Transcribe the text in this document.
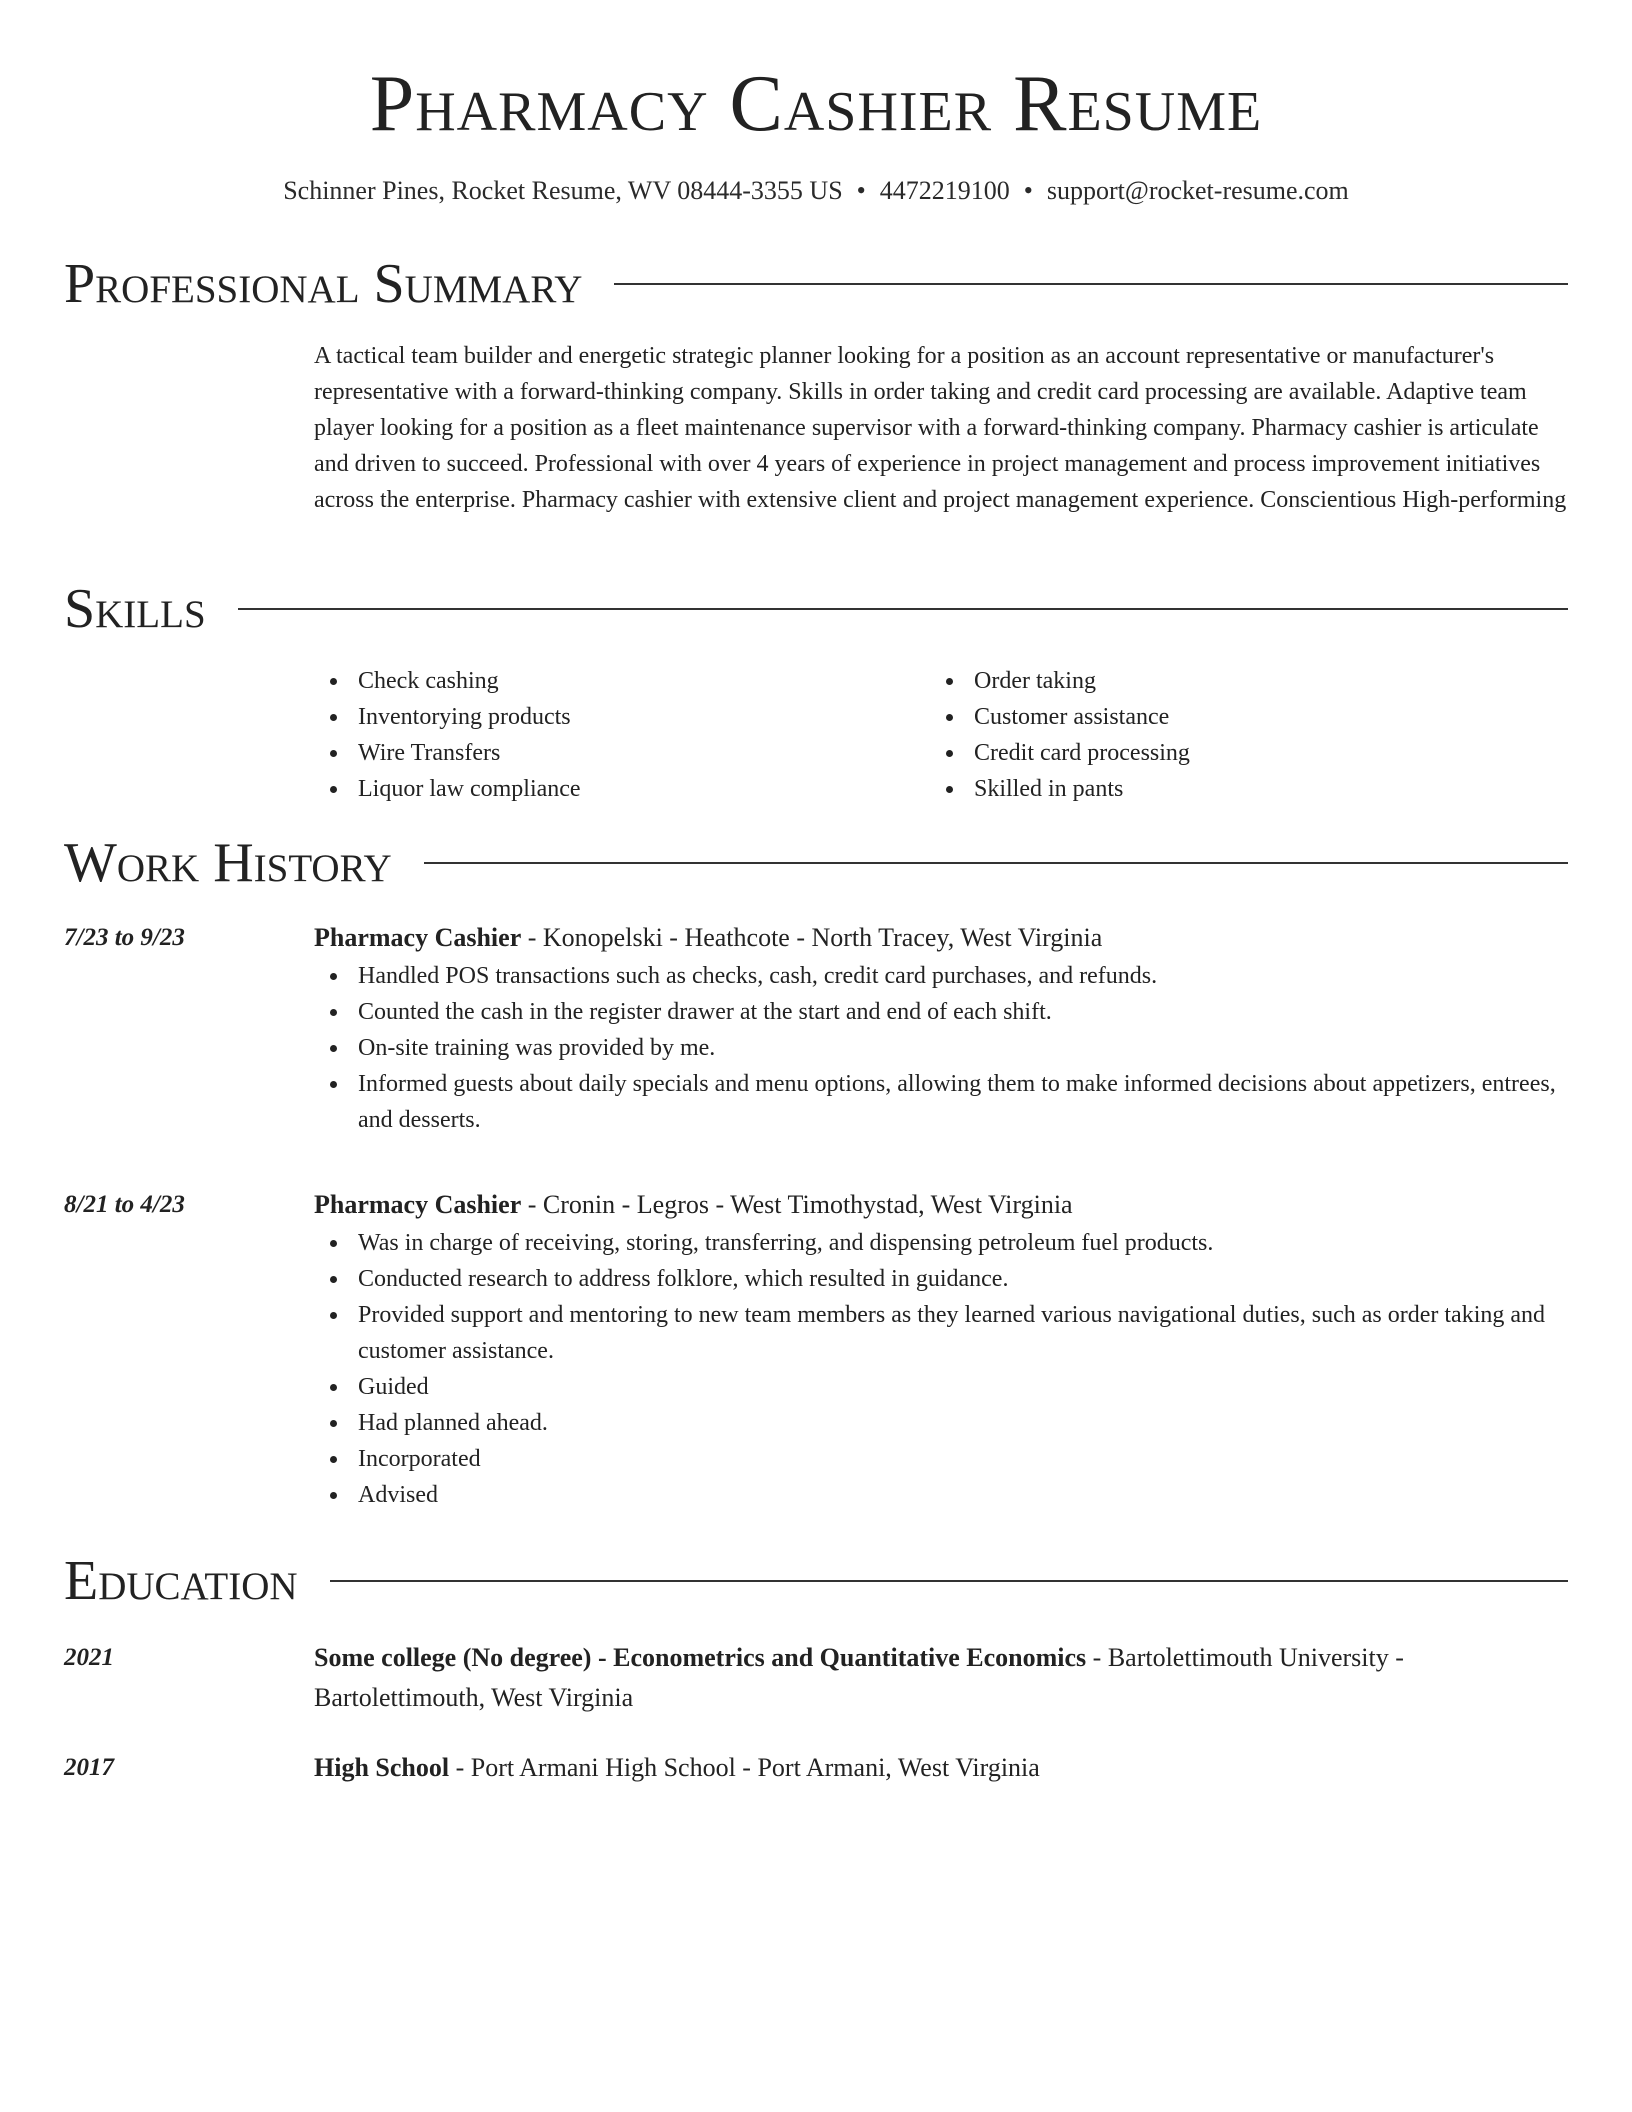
Pharmacy Cashier Resume
Schinner Pines, Rocket Resume, WV 08444-3355 US • 4472219100 • support@rocket-resume.com
Professional Summary
A tactical team builder and energetic strategic planner looking for a position as an account representative or manufacturer's representative with a forward-thinking company. Skills in order taking and credit card processing are available. Adaptive team player looking for a position as a fleet maintenance supervisor with a forward-thinking company. Pharmacy cashier is articulate and driven to succeed. Professional with over 4 years of experience in project management and process improvement initiatives across the enterprise. Pharmacy cashier with extensive client and project management experience. Conscientious High-performing
Skills
Check cashing
Inventorying products
Wire Transfers
Liquor law compliance
Order taking
Customer assistance
Credit card processing
Skilled in pants
Work History
7/23 to 9/23	Pharmacy Cashier - Konopelski - Heathcote - North Tracey, West Virginia
Handled POS transactions such as checks, cash, credit card purchases, and refunds.
Counted the cash in the register drawer at the start and end of each shift.
On-site training was provided by me.
Informed guests about daily specials and menu options, allowing them to make informed decisions about appetizers, entrees, and desserts.
8/21 to 4/23	Pharmacy Cashier - Cronin - Legros - West Timothystad, West Virginia
Was in charge of receiving, storing, transferring, and dispensing petroleum fuel products.
Conducted research to address folklore, which resulted in guidance.
Provided support and mentoring to new team members as they learned various navigational duties, such as order taking and customer assistance.
Guided
Had planned ahead.
Incorporated
Advised
Education
2021	Some college (No degree) - Econometrics and Quantitative Economics - Bartolettimouth University - Bartolettimouth, West Virginia
2017	High School - Port Armani High School - Port Armani, West Virginia
